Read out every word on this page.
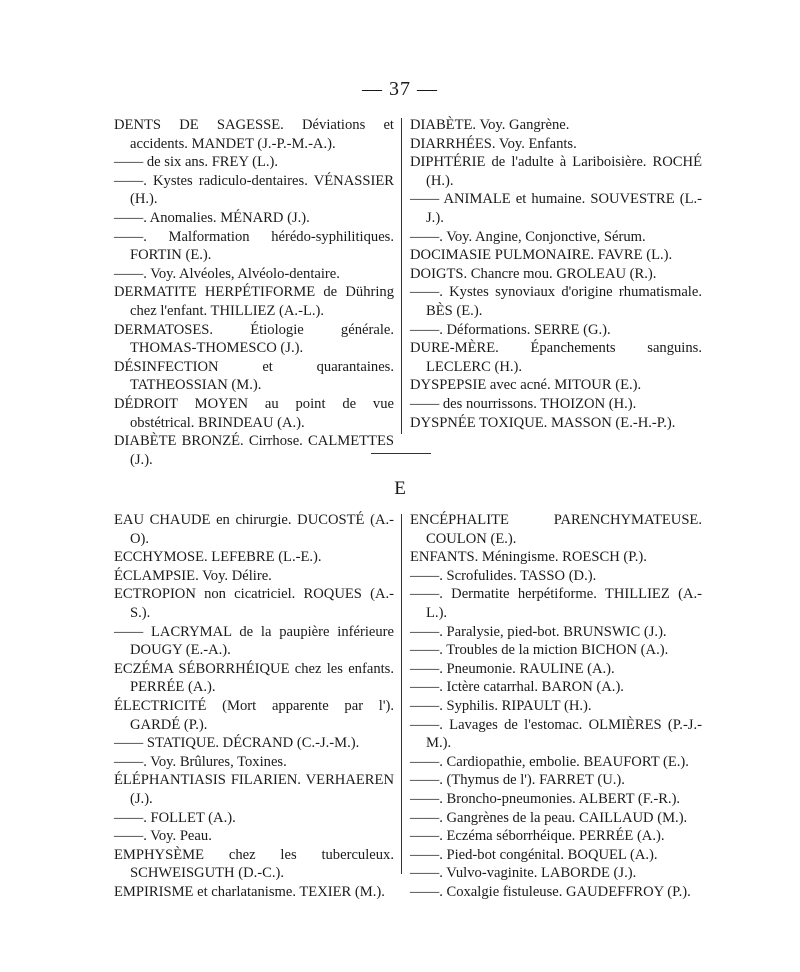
— 37 —

DENTS DE SAGESSE. Déviations et accidents. MANDET (J.-P.-M.-A.).

—— de six ans. FREY (L.).

——. Kystes radiculo-dentaires. VÉNASSIER (H.).

——. Anomalies. MÉNARD (J.).

——. Malformation hérédo-syphilitiques. FORTIN (E.).

——. Voy. Alvéoles, Alvéolo-dentaire.

DERMATITE HERPÉTIFORME de Dühring chez l'enfant. THILLIEZ (A.-L.).

DERMATOSES. Étiologie générale. THOMAS-THOMESCO (J.).

DÉSINFECTION et quarantaines. TATHEOSSIAN (M.).

DÉDROIT MOYEN au point de vue obstétrical. BRINDEAU (A.).

DIABÈTE BRONZÉ. Cirrhose. CALMETTES (J.).

DIABÈTE. Voy. Gangrène.

DIARRHÉES. Voy. Enfants.

DIPHTÉRIE de l'adulte à Lariboisière. ROCHÉ (H.).

—— ANIMALE et humaine. SOUVESTRE (L.-J.).

——. Voy. Angine, Conjonctive, Sérum.

DOCIMASIE PULMONAIRE. FAVRE (L.).

DOIGTS. Chancre mou. GROLEAU (R.).

——. Kystes synoviaux d'origine rhumatismale. BÈS (E.).

——. Déformations. SERRE (G.).

DURE-MÈRE. Épanchements sanguins. LECLERC (H.).

DYSPEPSIE avec acné. MITOUR (E.).

—— des nourrissons. THOIZON (H.).

DYSPNÉE TOXIQUE. MASSON (E.-H.-P.).

E

EAU CHAUDE en chirurgie. DUCOSTÉ (A.-O).

ECCHYMOSE. LEFEBRE (L.-E.).

ÉCLAMPSIE. Voy. Délire.

ECTROPION non cicatriciel. ROQUES (A.-S.).

—— LACRYMAL de la paupière inférieure DOUGY (E.-A.).

ECZÉMA SÉBORRHÉIQUE chez les enfants. PERRÉE (A.).

ÉLECTRICITÉ (Mort apparente par l'). GARDÉ (P.).

—— STATIQUE. DÉCRAND (C.-J.-M.).

——. Voy. Brûlures, Toxines.

ÉLÉPHANTIASIS FILARIEN. VERHAEREN (J.).

——. FOLLET (A.).

——. Voy. Peau.

EMPHYSÈME chez les tuberculeux. SCHWEISGUTH (D.-C.).

EMPIRISME et charlatanisme. TEXIER (M.).

ENCÉPHALITE PARENCHYMATEUSE. COULON (E.).

ENFANTS. Méningisme. ROESCH (P.).

——. Scrofulides. TASSO (D.).

——. Dermatite herpétiforme. THILLIEZ (A.-L.).

——. Paralysie, pied-bot. BRUNSWIC (J.).

——. Troubles de la miction BICHON (A.).

——. Pneumonie. RAULINE (A.).

——. Ictère catarrhal. BARON (A.).

——. Syphilis. RIPAULT (H.).

——. Lavages de l'estomac. OLMIÈRES (P.-J.-M.).

——. Cardiopathie, embolie. BEAUFORT (E.).

——. (Thymus de l'). FARRET (U.).

——. Broncho-pneumonies. ALBERT (F.-R.).

——. Gangrènes de la peau. CAILLAUD (M.).

——. Eczéma séborrhéique. PERRÉE (A.).

——. Pied-bot congénital. BOQUEL (A.).

——. Vulvo-vaginite. LABORDE (J.).

——. Coxalgie fistuleuse. GAUDEFFROY (P.).
